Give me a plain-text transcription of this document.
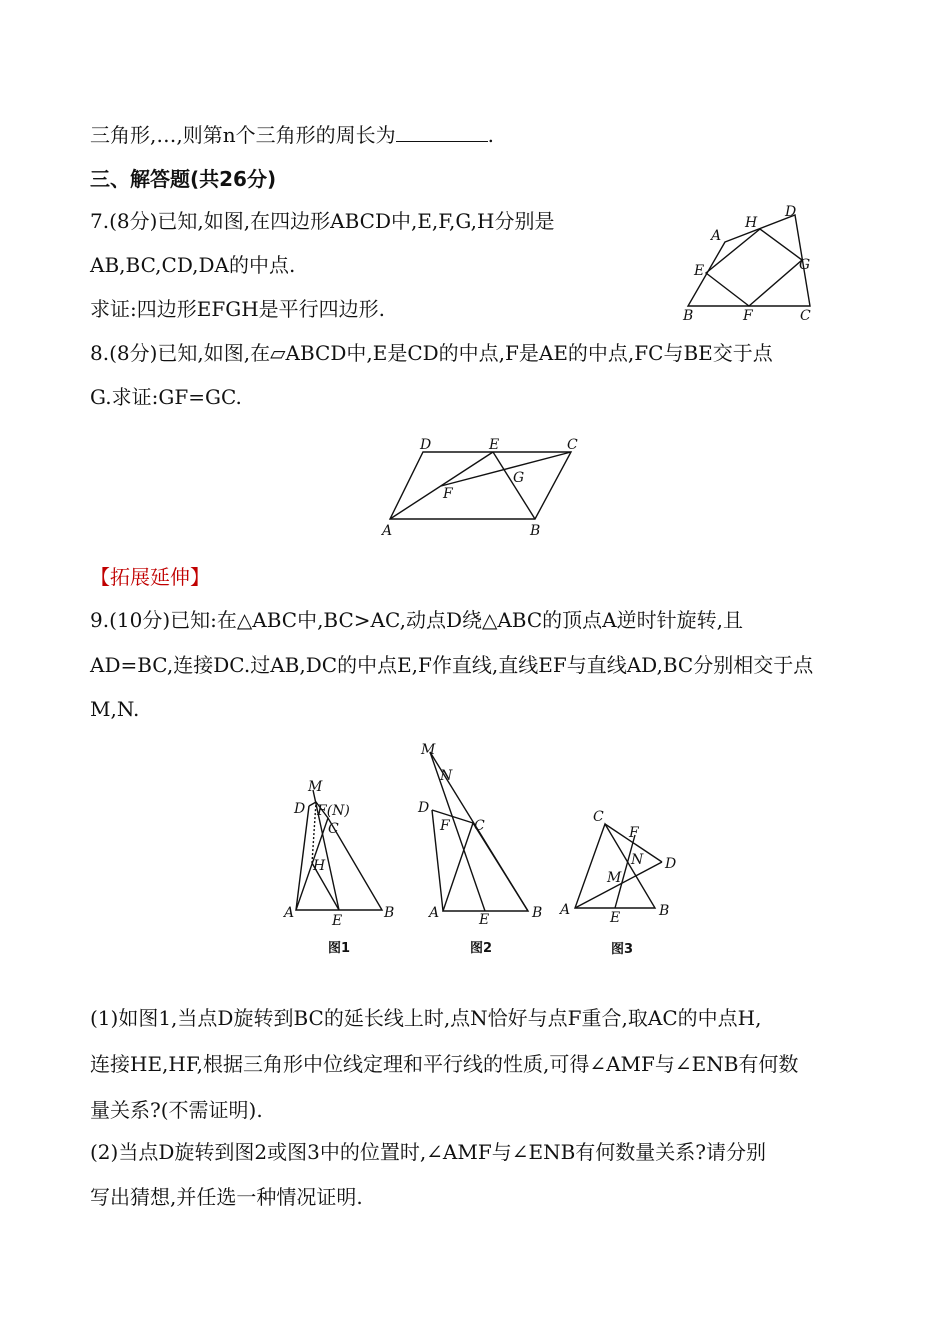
三角形,…,则第n个三角形的周长为	.
三、解答题(共26分)
7.(8分)已知,如图,在四边形ABCD中,E,F,G,H分别是
AB,BC,CD,DA的中点.
求证:四边形EFGH是平行四边形.
A
D
H
E	G
B	F	C
8.(8分)已知,如图,在▱ABCD中,E是CD的中点,F是AE的中点,FC与BE交于点
G.求证:GF=GC.
D	E	C
F
G
A	B
【拓展延伸】
9.(10分)已知:在△ABC中,BC>AC,动点D绕△ABC的顶点A逆时针旋转,且
AD=BC,连接DC.过AB,DC的中点E,F作直线,直线EF与直线AD,BC分别相交于点
M,N.
M
D F(N)
C
H
A	E	B
图1
M
N
D
F C
A	E	B
图2
C
F
N D
M
A	E	B
图3
(1)如图1,当点D旋转到BC的延长线上时,点N恰好与点F重合,取AC的中点H,
连接HE,HF,根据三角形中位线定理和平行线的性质,可得∠AMF与∠ENB有何数
量关系?(不需证明).
(2)当点D旋转到图2或图3中的位置时,∠AMF与∠ENB有何数量关系?请分别
写出猜想,并任选一种情况证明.
